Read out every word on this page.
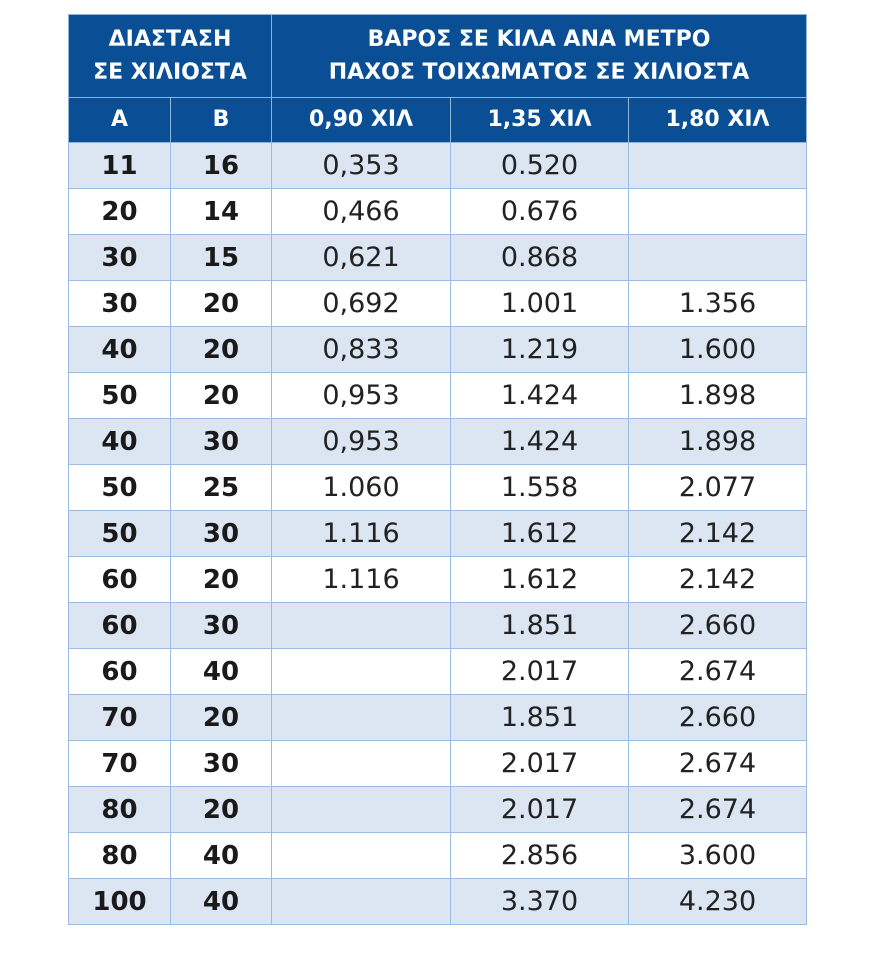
ΔΙΑΣΤΑΣΗ
ΣΕ ΧΙΛΙΟΣΤΑ		ΒΑΡΟΣ ΣΕ ΚΙΛΑ ΑΝΑ ΜΕΤΡΟ
ΠΑΧΟΣ ΤΟΙΧΩΜΑΤΟΣ ΣΕ ΧΙΛΙΟΣΤΑ		

A	B	0,90 ΧΙΛ	1,35 ΧΙΛ	1,80 ΧΙΛ
11	16	0,353	0.520	
20	14	0,466	0.676	
30	15	0,621	0.868	
30	20	0,692	1.001	1.356
40	20	0,833	1.219	1.600
50	20	0,953	1.424	1.898
40	30	0,953	1.424	1.898
50	25	1.060	1.558	2.077
50	30	1.116	1.612	2.142
60	20	1.116	1.612	2.142
60	30		1.851	2.660
60	40		2.017	2.674
70	20		1.851	2.660
70	30		2.017	2.674
80	20		2.017	2.674
80	40		2.856	3.600
100	40		3.370	4.230
